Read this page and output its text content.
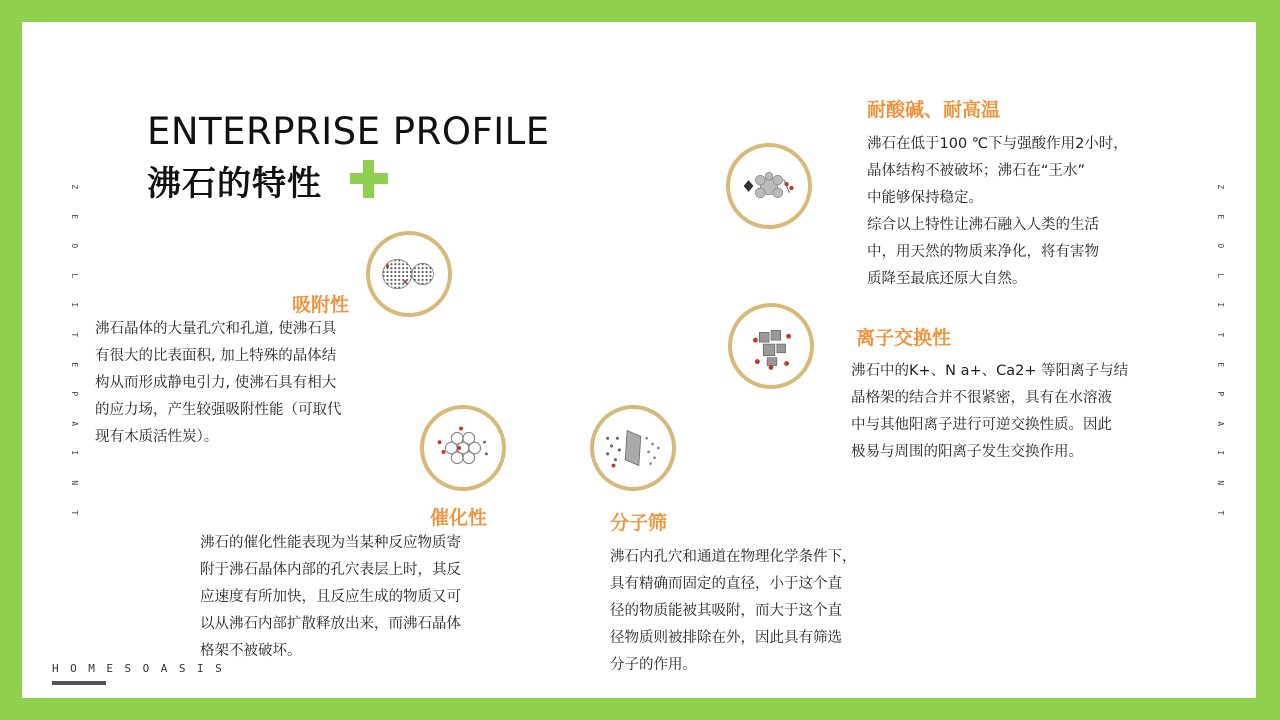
ENTERPRISE PROFILE
沸石的特性
Z
E
O
L
I
T
E
P
A
I
N
T
Z
E
O
L
I
T
E
P
A
I
N
T
耐酸碱、耐高温

沸石在低于100 ℃下与强酸作用2小时，

晶体结构不被破坏；沸石在“王水”

中能够保持稳定。

综合以上特性让沸石融入人类的生活

中，用天然的物质来净化，将有害物

质降至最底还原大自然。

吸附性

沸石晶体的大量孔穴和孔道, 使沸石具

有很大的比表面积, 加上特殊的晶体结

构从而形成静电引力, 使沸石具有相大

的应力场，产生较强吸附性能（可取代

现有木质活性炭）。

离子交换性

沸石中的K+、N a+、Ca2+ 等阳离子与结

晶格架的结合并不很紧密，具有在水溶液

中与其他阳离子进行可逆交换性质。因此

极易与周围的阳离子发生交换作用。

催化性

沸石的催化性能表现为当某种反应物质寄

附于沸石晶体内部的孔穴表层上时，其反

应速度有所加快，且反应生成的物质又可

以从沸石内部扩散释放出来，而沸石晶体

格架不被破坏。

分子筛

沸石内孔穴和通道在物理化学条件下，

具有精确而固定的直径，小于这个直

径的物质能被其吸附，而大于这个直

径物质则被排除在外，因此具有筛选

分子的作用。

HOMESOASIS
